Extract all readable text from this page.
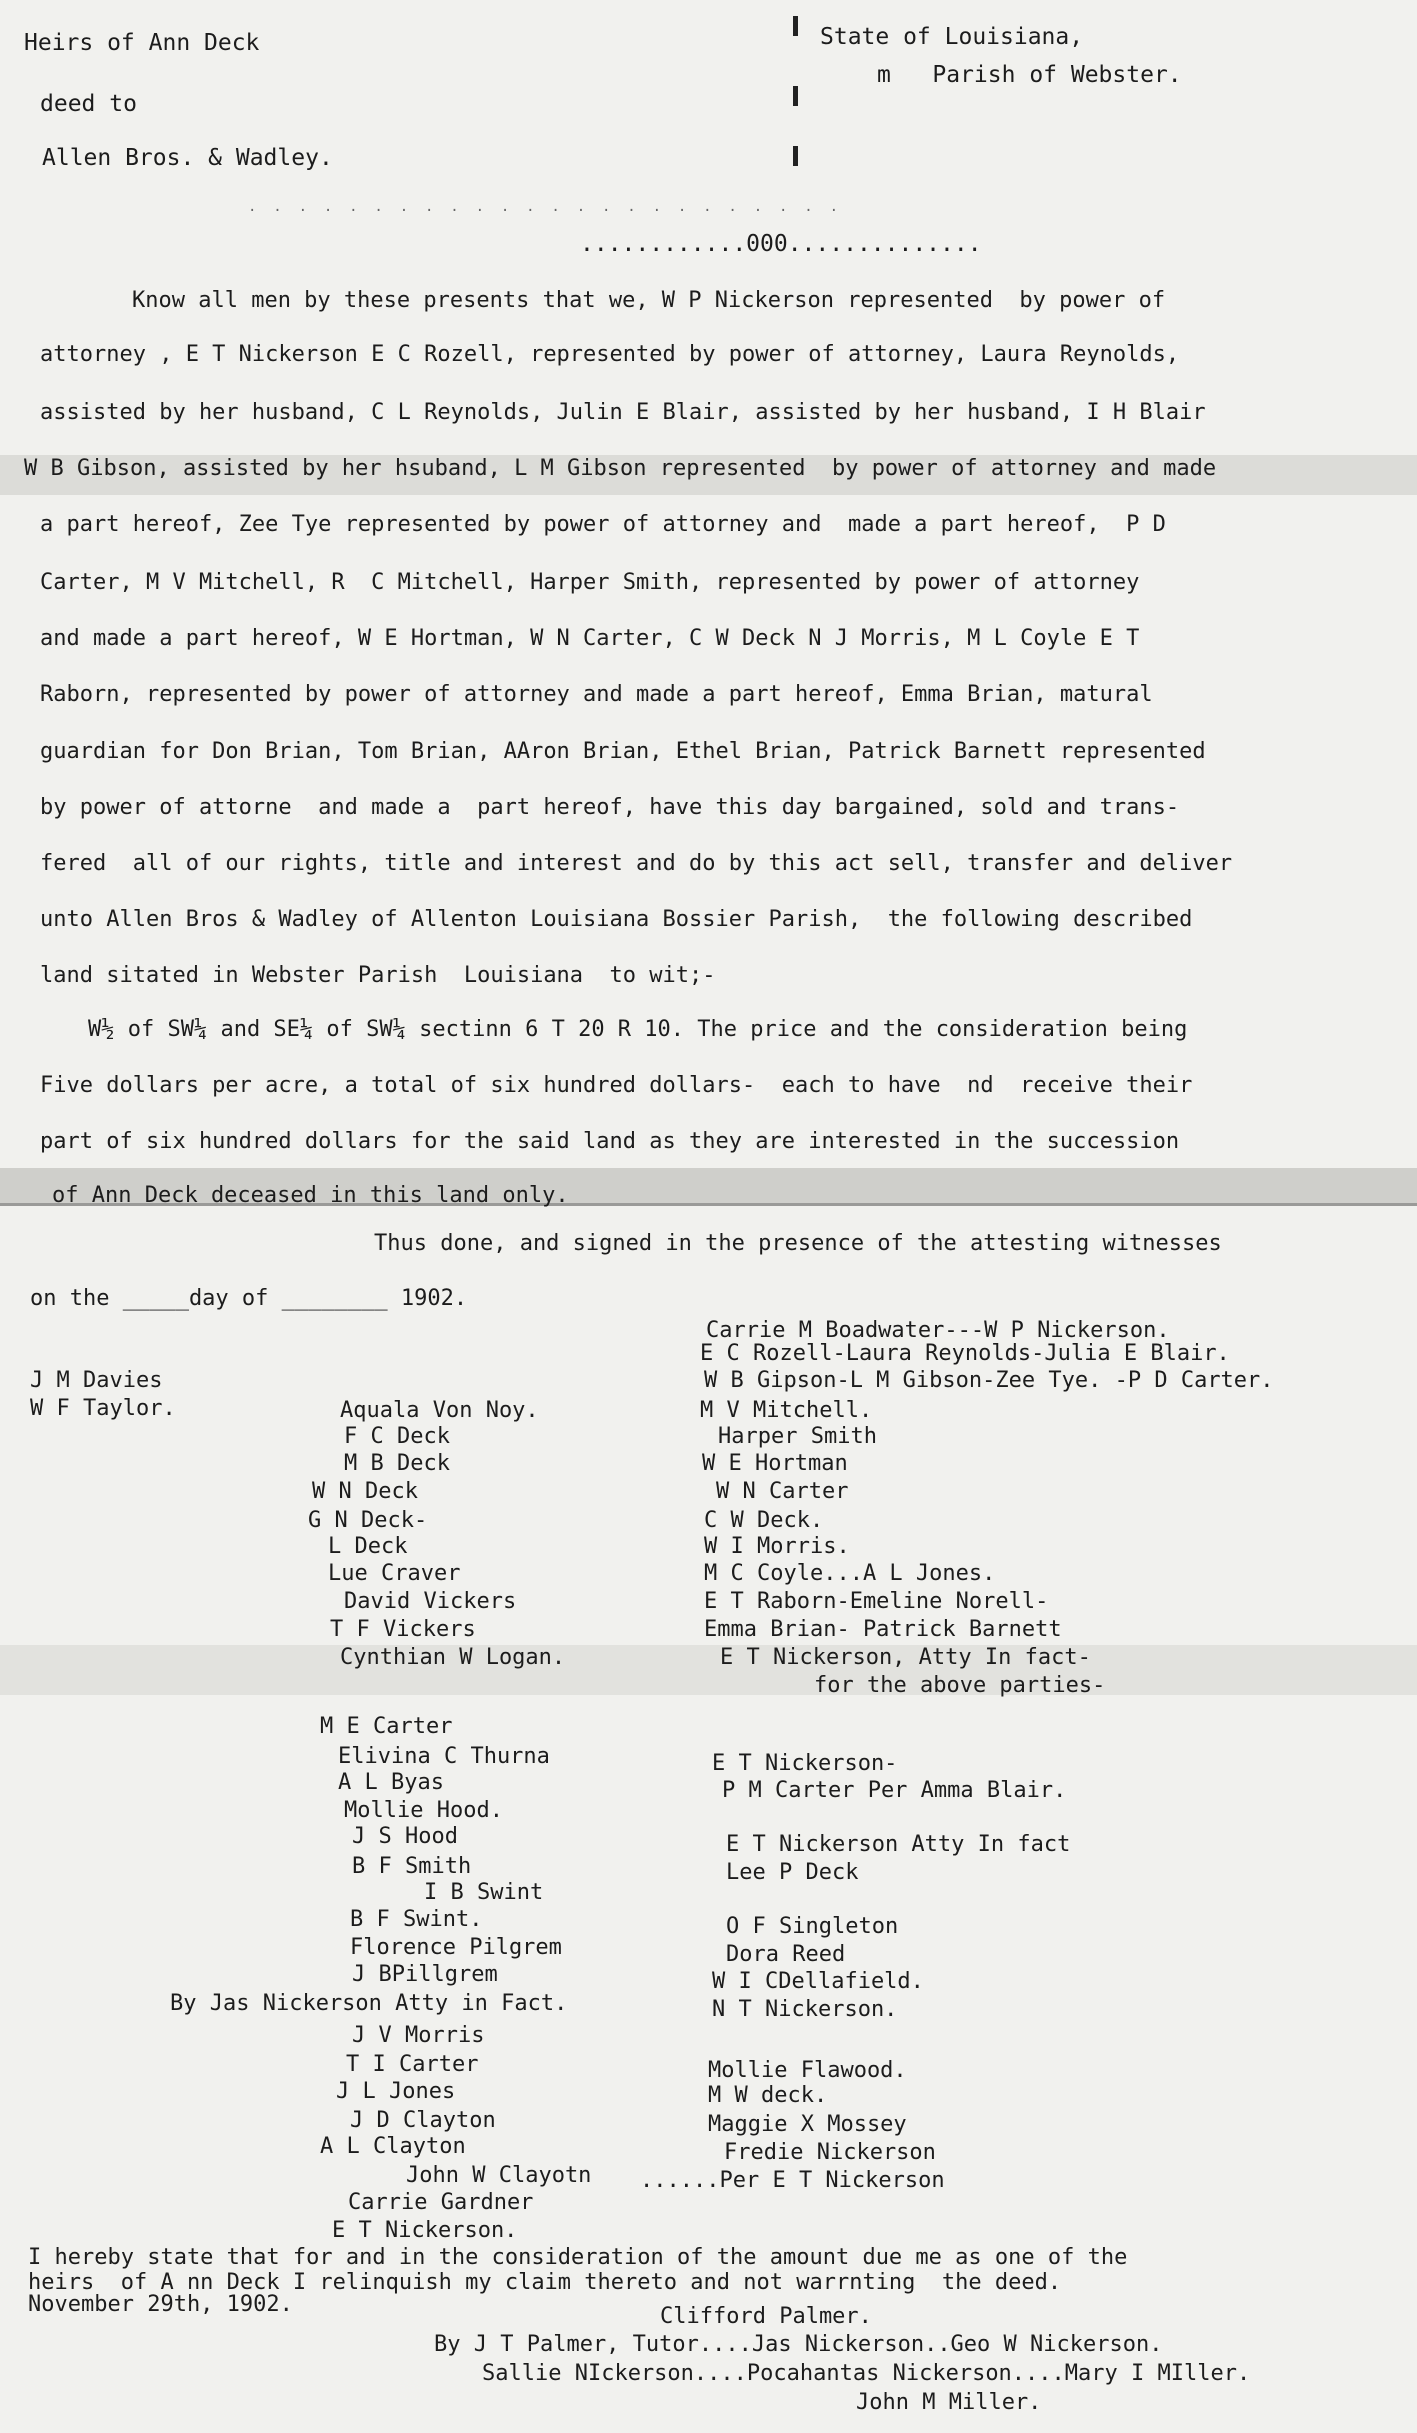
Heirs of Ann Deck
deed to
Allen Bros. & Wadley.
State of Louisiana,
m   Parish of Webster.
.  .  .  .  .  .  .  .  .  .  .  .  .  .  .  .  .  .  .  .  .  .  .  .
............000..............
Know all men by these presents that we, W P Nickerson represented  by power of
attorney , E T Nickerson E C Rozell, represented by power of attorney, Laura Reynolds,
assisted by her husband, C L Reynolds, Julin E Blair, assisted by her husband, I H Blair
W B Gibson, assisted by her hsuband, L M Gibson represented  by power of attorney and made
a part hereof, Zee Tye represented by power of attorney and  made a part hereof,  P D
Carter, M V Mitchell, R  C Mitchell, Harper Smith, represented by power of attorney
and made a part hereof, W E Hortman, W N Carter, C W Deck N J Morris, M L Coyle E T
Raborn, represented by power of attorney and made a part hereof, Emma Brian, matural
guardian for Don Brian, Tom Brian, AAron Brian, Ethel Brian, Patrick Barnett represented
by power of attorne  and made a  part hereof, have this day bargained, sold and trans-
fered  all of our rights, title and interest and do by this act sell, transfer and deliver
unto Allen Bros & Wadley of Allenton Louisiana Bossier Parish,  the following described
land sitated in Webster Parish  Louisiana  to wit;-
W½ of SW¼ and SE¼ of SW¼ sectinn 6 T 20 R 10. The price and the consideration being
Five dollars per acre, a total of six hundred dollars-  each to have  nd  receive their
part of six hundred dollars for the said land as they are interested in the succession
of Ann Deck deceased in this land only.
Thus done, and signed in the presence of the attesting witnesses
on the _____day of ________ 1902.
J M Davies
W F Taylor.	Aquala Von Noy.
F C Deck
M B Deck
W N Deck
G N Deck-
L Deck
Lue Craver
David Vickers
T F Vickers
Cynthian W Logan.
M E Carter
Elivina C Thurna
A L Byas
Mollie Hood.
J S Hood
B F Smith
I B Swint
B F Swint.
Florence Pilgrem
J BPillgrem
By Jas Nickerson Atty in Fact.
J V Morris
T I Carter
J L Jones
J D Clayton
A L Clayton
John W Clayotn
Carrie Gardner
E T Nickerson.
Carrie M Boadwater---W P Nickerson.
E C Rozell-Laura Reynolds-Julia E Blair.
W B Gipson-L M Gibson-Zee Tye. -P D Carter.
M V Mitchell.
Harper Smith
W E Hortman
W N Carter
C W Deck.
W I Morris.
M C Coyle...A L Jones.
E T Raborn-Emeline Norell-
Emma Brian- Patrick Barnett
E T Nickerson, Atty In fact-
for the above parties-
E T Nickerson-
P M Carter Per Amma Blair.
E T Nickerson Atty In fact
Lee P Deck
O F Singleton
Dora Reed
W I CDellafield.
N T Nickerson.
Mollie Flawood.
M W deck.
Maggie X Mossey
Fredie Nickerson
......Per E T Nickerson
I hereby state that for and in the consideration of the amount due me as one of the
heirs  of A nn Deck I relinquish my claim thereto and not warrnting  the deed.
November 29th, 1902.	Clifford Palmer.
By J T Palmer, Tutor....Jas Nickerson..Geo W Nickerson.
Sallie NIckerson....Pocahantas Nickerson....Mary I MIller.
John M Miller.
